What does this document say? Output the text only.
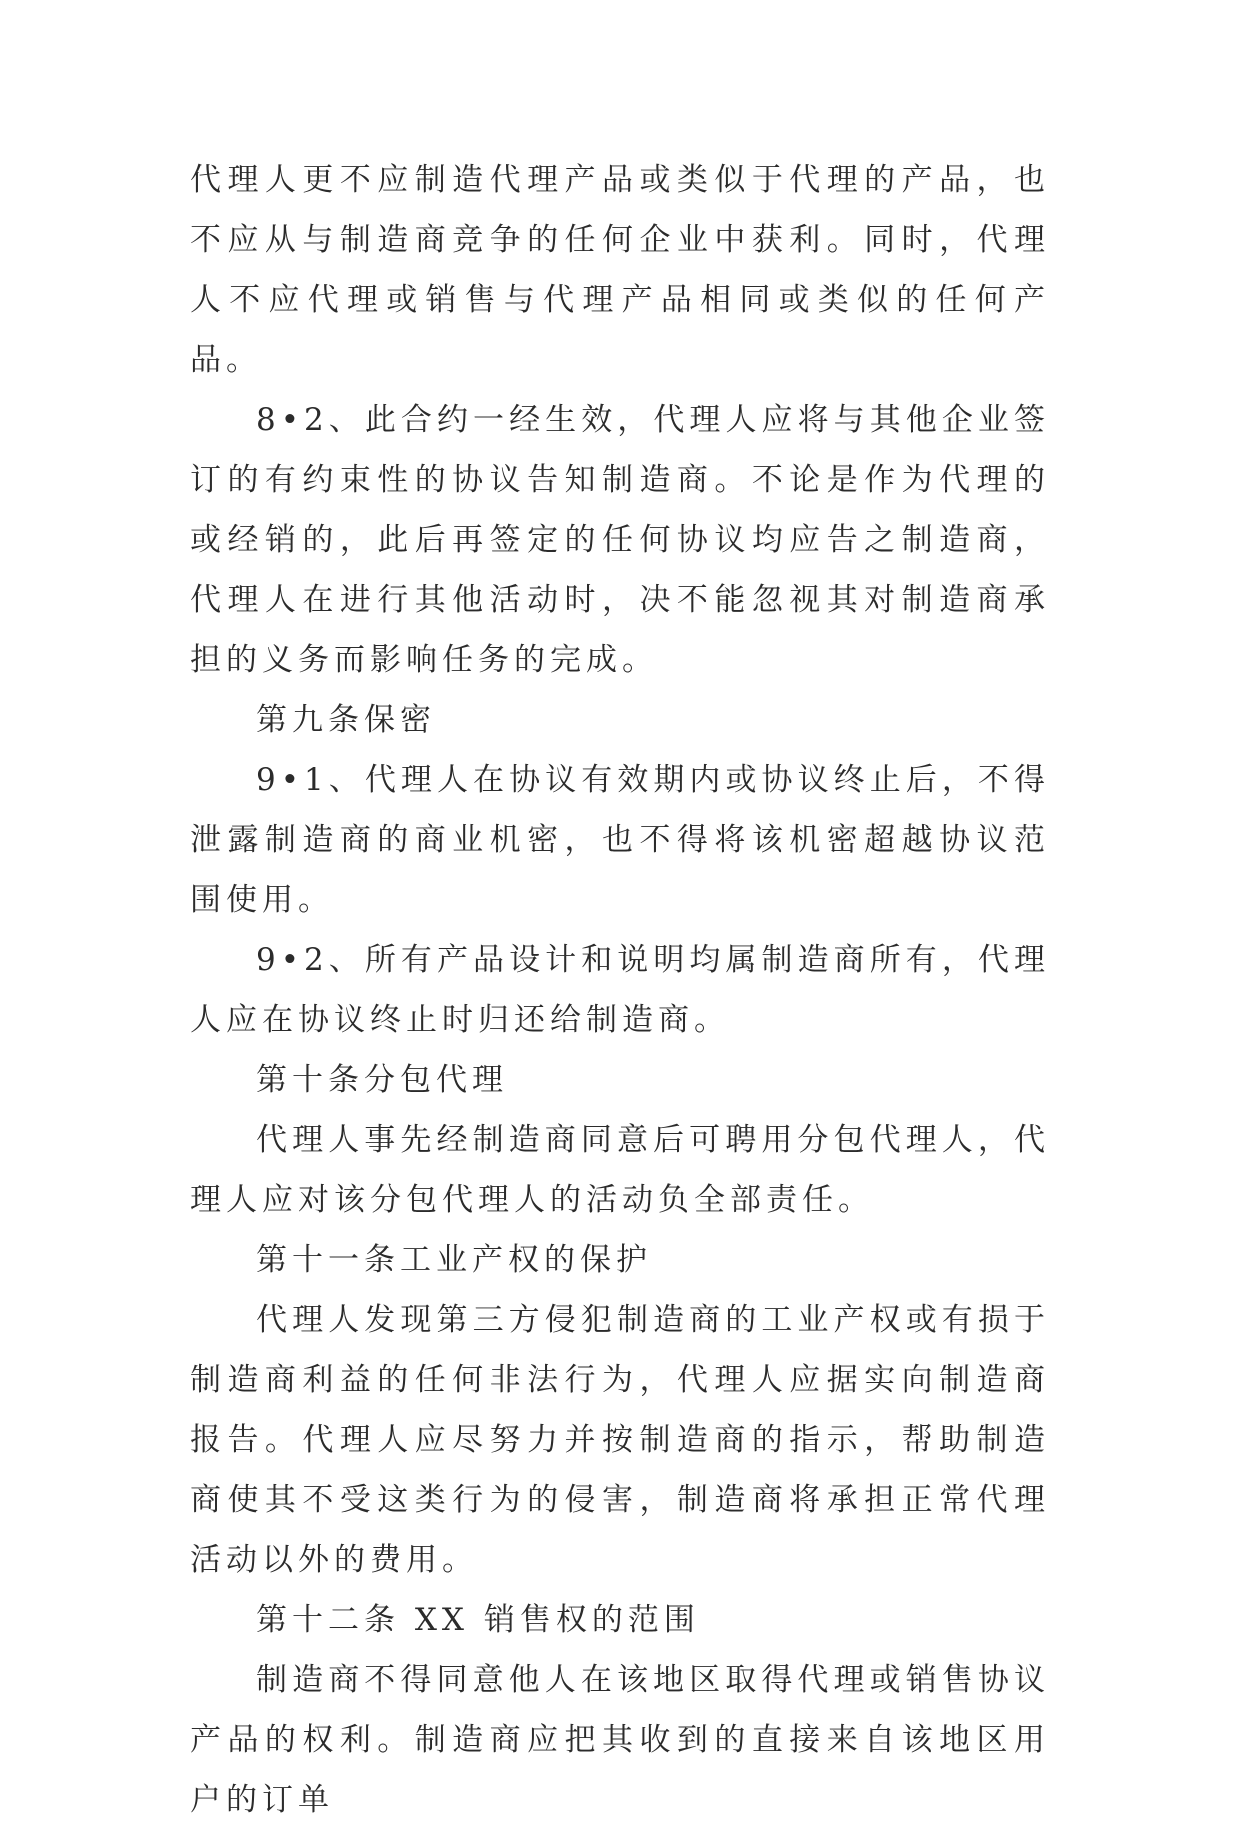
代理人更不应制造代理产品或类似于代理的产品，也不应从与制造商竞争的任何企业中获利。同时，代理人不应代理或销售与代理产品相同或类似的任何产品。

8•2、此合约一经生效，代理人应将与其他企业签订的有约束性的协议告知制造商。不论是作为代理的或经销的，此后再签定的任何协议均应告之制造商，代理人在进行其他活动时，决不能忽视其对制造商承担的义务而影响任务的完成。

第九条保密

9•1、代理人在协议有效期内或协议终止后，不得泄露制造商的商业机密，也不得将该机密超越协议范围使用。

9•2、所有产品设计和说明均属制造商所有，代理人应在协议终止时归还给制造商。

第十条分包代理

代理人事先经制造商同意后可聘用分包代理人，代理人应对该分包代理人的活动负全部责任。

第十一条工业产权的保护

代理人发现第三方侵犯制造商的工业产权或有损于制造商利益的任何非法行为，代理人应据实向制造商报告。代理人应尽努力并按制造商的指示，帮助制造商使其不受这类行为的侵害，制造商将承担正常代理活动以外的费用。

第十二条 XX 销售权的范围

制造商不得同意他人在该地区取得代理或销售协议产品的权利。制造商应把其收到的直接来自该地区用户的订单
